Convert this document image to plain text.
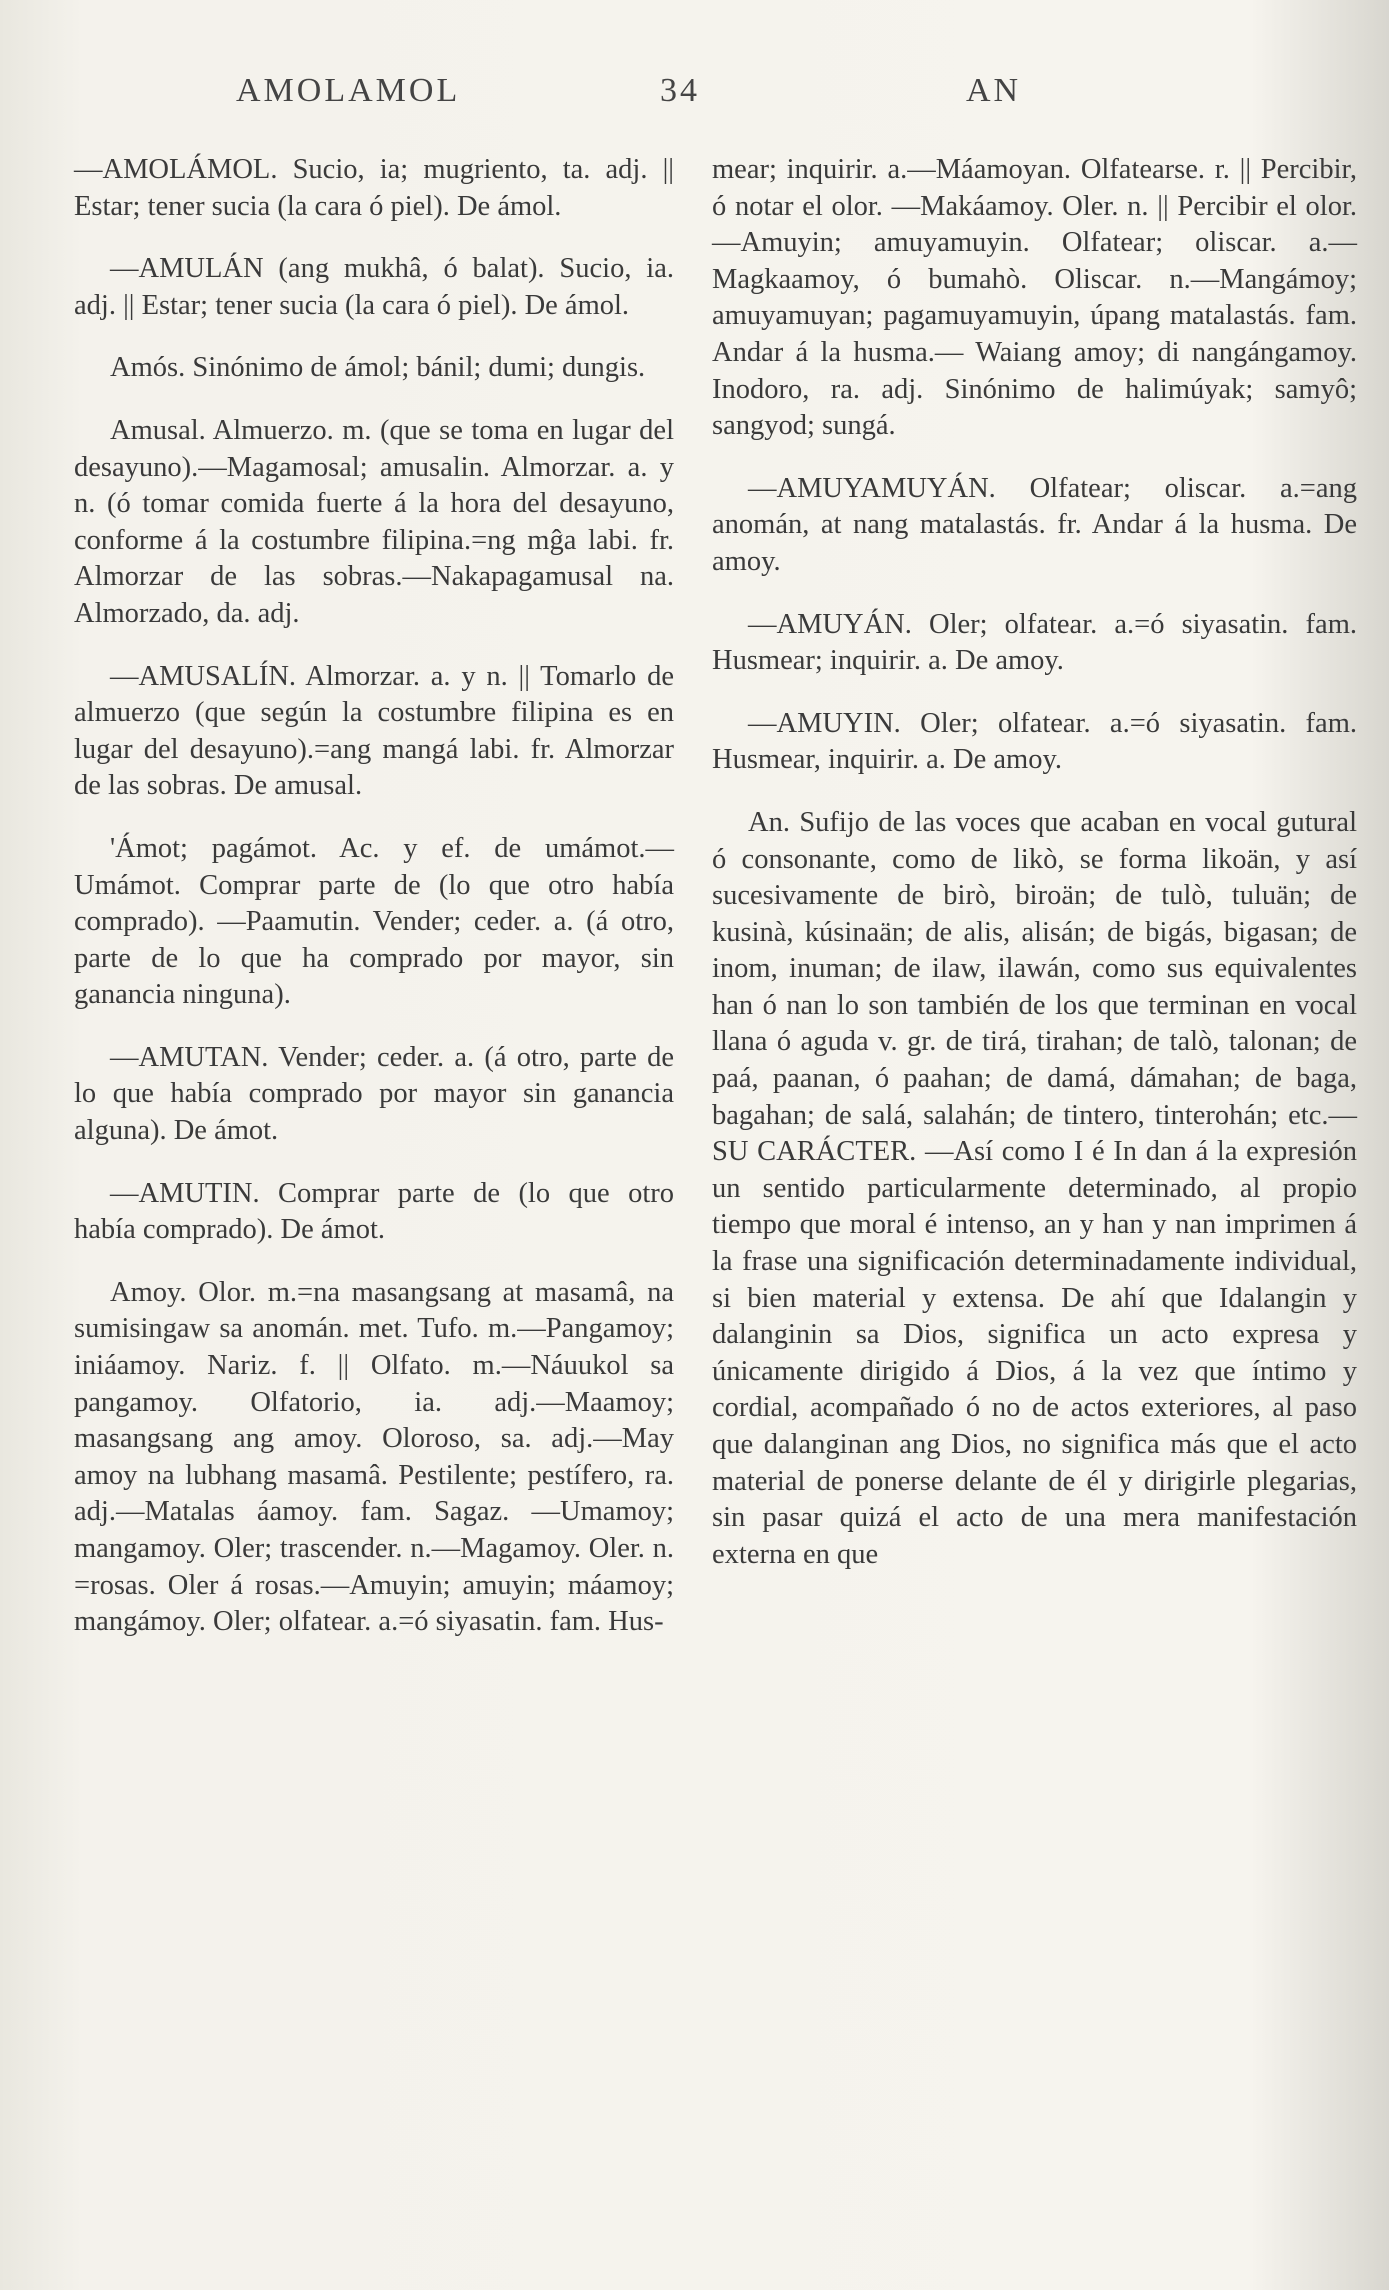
AMOLAMOL	34	AN

—AMOLÁMOL. Sucio, ia; mugriento, ta. adj. || Estar; tener sucia (la cara ó piel). De ámol.

—AMULÁN (ang mukhâ, ó balat). Sucio, ia. adj. || Estar; tener sucia (la cara ó piel). De ámol.

Amós. Sinónimo de ámol; bánil; dumi; dungis.

Amusal. Almuerzo. m. (que se toma en lugar del desayuno).—Magamosal; amusalin. Almorzar. a. y n. (ó tomar comida fuerte á la hora del desayuno, conforme á la costumbre filipina.=ng mĝa labi. fr. Almorzar de las sobras.—Nakapagamusal na. Almorzado, da. adj.

—AMUSALÍN. Almorzar. a. y n. || Tomarlo de almuerzo (que según la costumbre filipina es en lugar del desayuno).=ang mangá labi. fr. Almorzar de las sobras. De amusal.

'Ámot; pagámot. Ac. y ef. de umámot.—Umámot. Comprar parte de (lo que otro había comprado). —Paamutin. Vender; ceder. a. (á otro, parte de lo que ha comprado por mayor, sin ganancia ninguna).

—AMUTAN. Vender; ceder. a. (á otro, parte de lo que había comprado por mayor sin ganancia alguna). De ámot.

—AMUTIN. Comprar parte de (lo que otro había comprado). De ámot.

Amoy. Olor. m.=na masangsang at masamâ, na sumisingaw sa anomán. met. Tufo. m.—Pangamoy; iniáamoy. Nariz. f. || Olfato. m.—Náuukol sa pangamoy. Olfatorio, ia. adj.—Maamoy; masangsang ang amoy. Oloroso, sa. adj.—May amoy na lubhang masamâ. Pestilente; pestífero, ra. adj.—Matalas áamoy. fam. Sagaz. —Umamoy; mangamoy. Oler; trascender. n.—Magamoy. Oler. n. =rosas. Oler á rosas.—Amuyin; amuyin; máamoy; mangámoy. Oler; olfatear. a.=ó siyasatin. fam. Hus-

mear; inquirir. a.—Máamoyan. Olfatearse. r. || Percibir, ó notar el olor. —Makáamoy. Oler. n. || Percibir el olor.—Amuyin; amuyamuyin. Olfatear; oliscar. a.—Magkaamoy, ó bumahò. Oliscar. n.—Mangámoy; amuyamuyan; pagamuyamuyin, úpang matalastás. fam. Andar á la husma.— Waiang amoy; di nangángamoy. Inodoro, ra. adj. Sinónimo de halimúyak; samyô; sangyod; sungá.

—AMUYAMUYÁN. Olfatear; oliscar. a.=ang anomán, at nang matalastás. fr. Andar á la husma. De amoy.

—AMUYÁN. Oler; olfatear. a.=ó siyasatin. fam. Husmear; inquirir. a. De amoy.

—AMUYIN. Oler; olfatear. a.=ó siyasatin. fam. Husmear, inquirir. a. De amoy.

An. Sufijo de las voces que acaban en vocal gutural ó consonante, como de likò, se forma likoän, y así sucesivamente de birò, biroän; de tulò, tuluän; de kusinà, kúsinaän; de alis, alisán; de bigás, bigasan; de inom, inuman; de ilaw, ilawán, como sus equivalentes han ó nan lo son también de los que terminan en vocal llana ó aguda v. gr. de tirá, tirahan; de talò, talonan; de paá, paanan, ó paahan; de damá, dámahan; de baga, bagahan; de salá, salahán; de tintero, tinterohán; etc.—SU CARÁCTER. —Así como I é In dan á la expresión un sentido particularmente determinado, al propio tiempo que moral é intenso, an y han y nan imprimen á la frase una significación determinadamente individual, si bien material y extensa. De ahí que Idalangin y dalanginin sa Dios, significa un acto expresa y únicamente dirigido á Dios, á la vez que íntimo y cordial, acompañado ó no de actos exteriores, al paso que dalanginan ang Dios, no significa más que el acto material de ponerse delante de él y dirigirle plegarias, sin pasar quizá el acto de una mera manifestación externa en que
